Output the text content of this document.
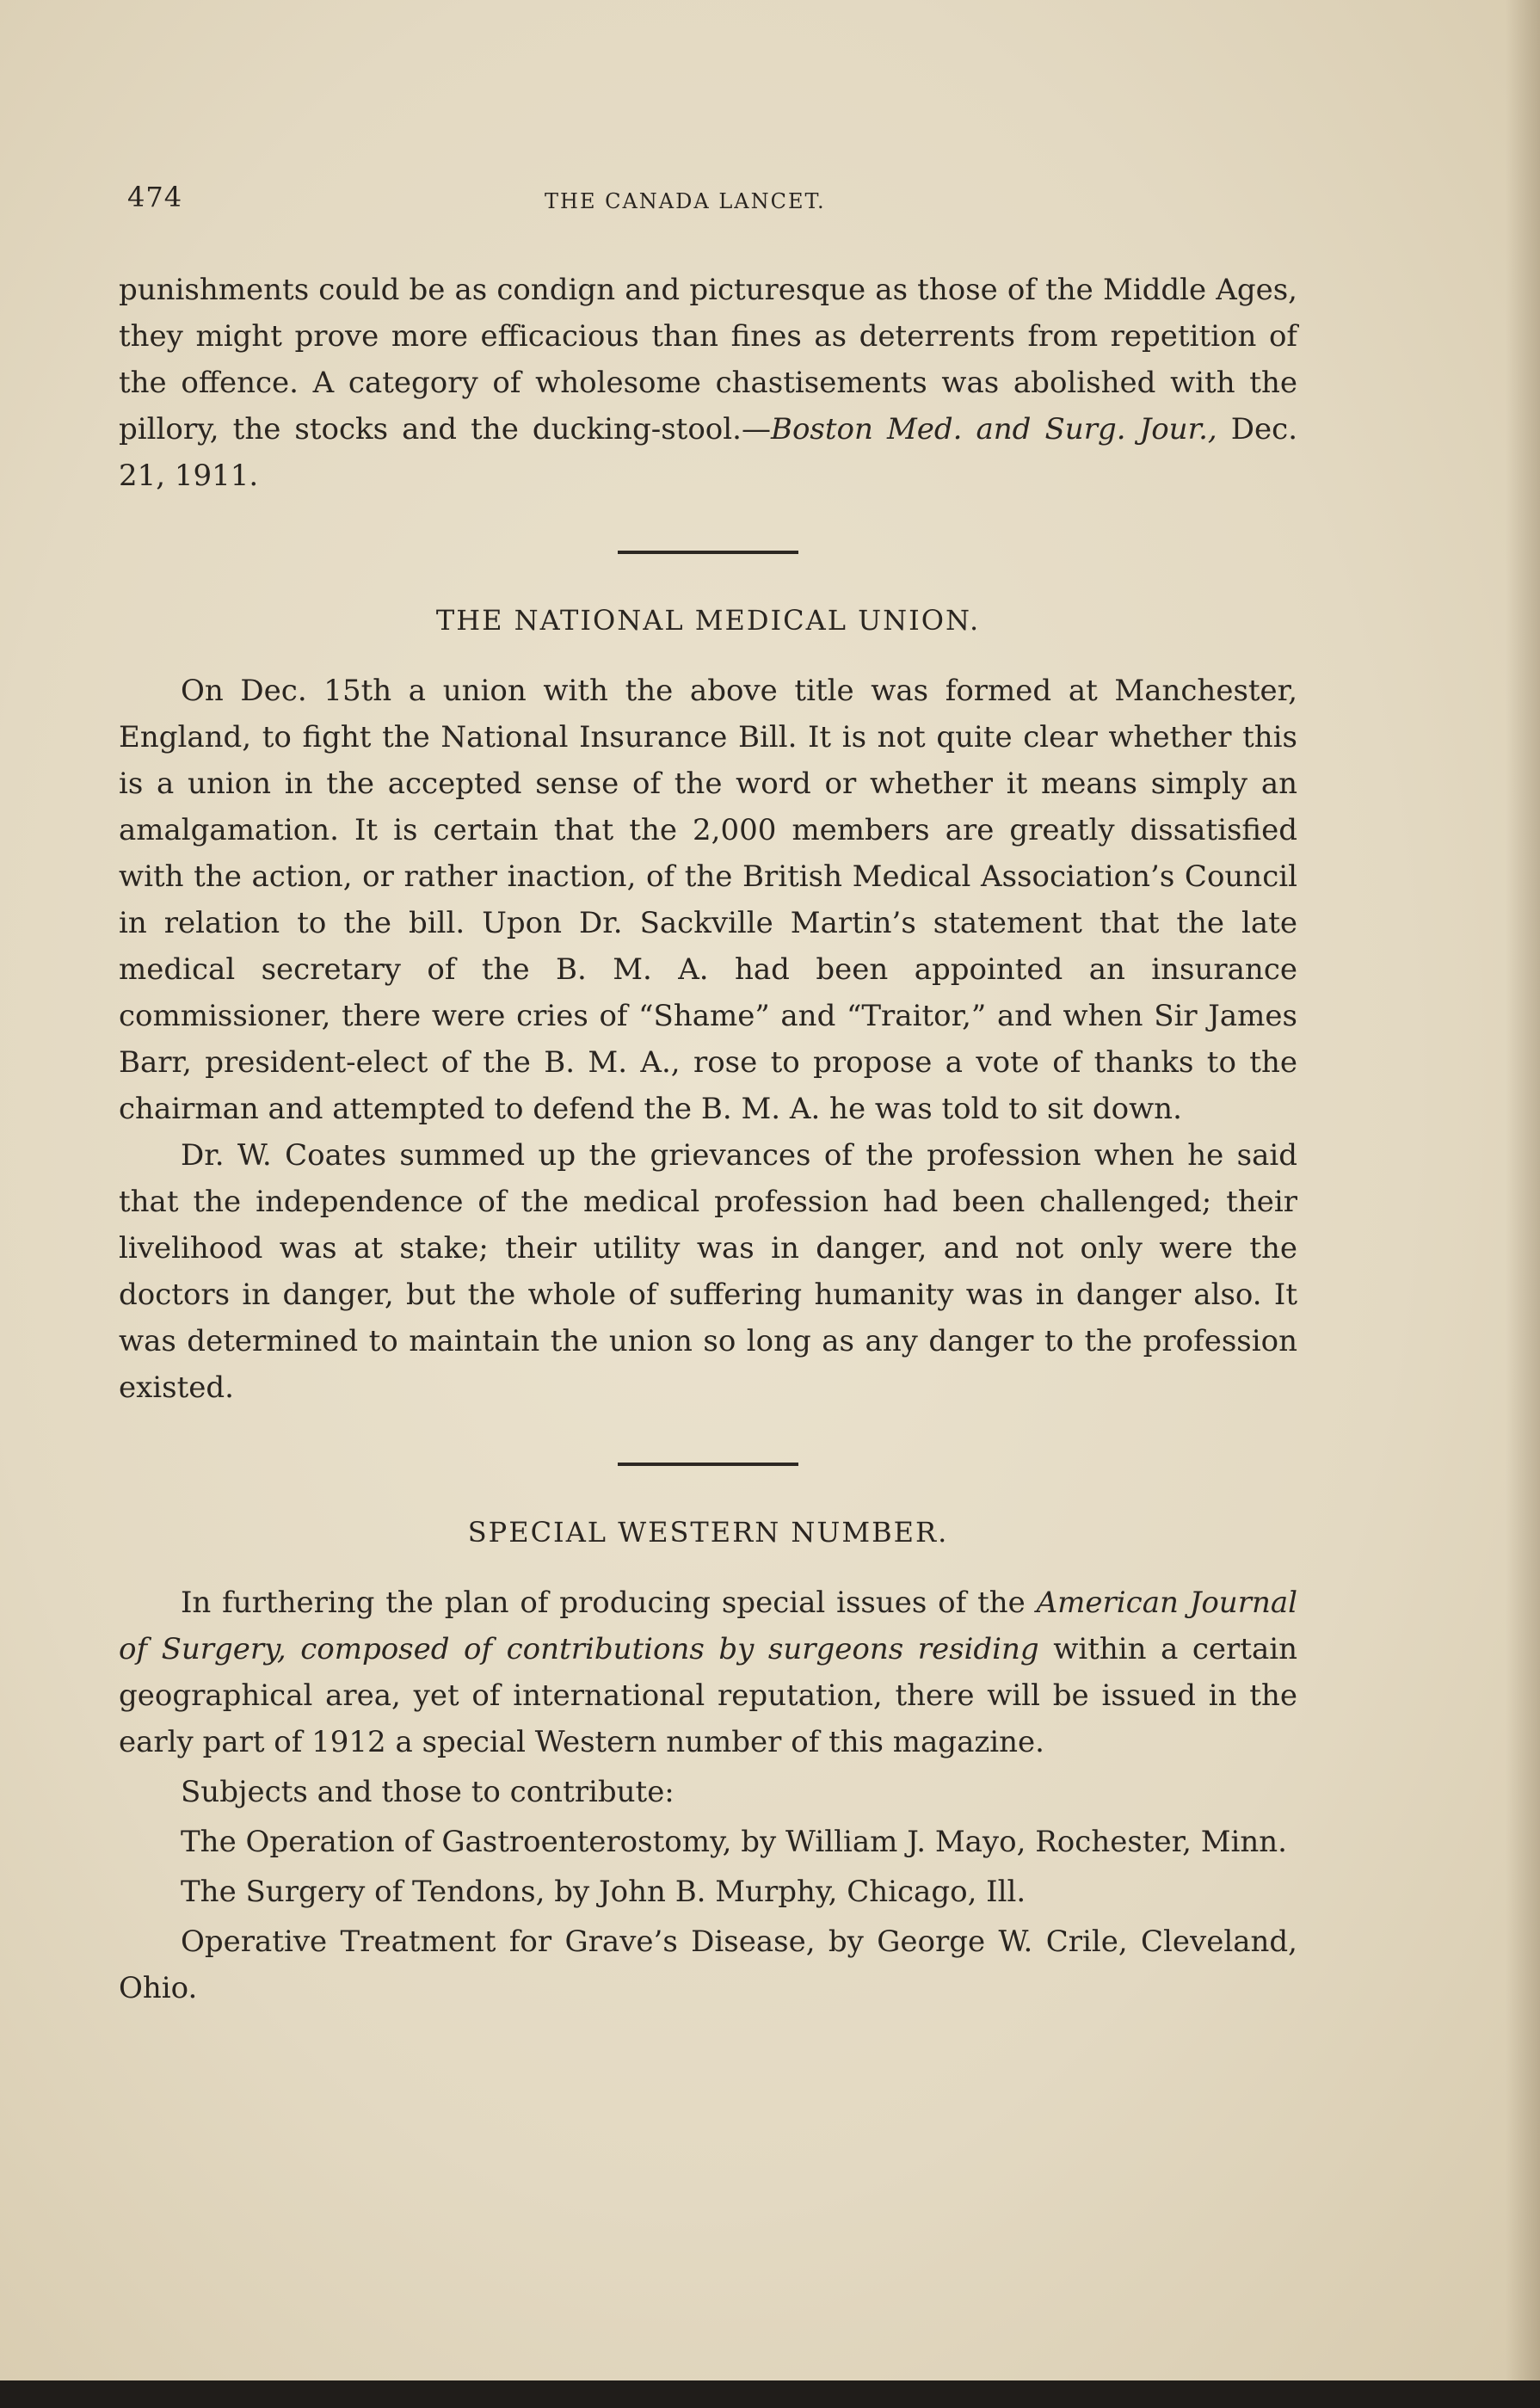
474	THE CANADA LANCET.

punishments could be as condign and picturesque as those of the Middle Ages, they might prove more efficacious than fines as deterrents from repetition of the offence. A category of wholesome chastisements was abolished with the pillory, the stocks and the ducking-stool.—Boston Med. and Surg. Jour., Dec. 21, 1911.

THE NATIONAL MEDICAL UNION.

On Dec. 15th a union with the above title was formed at Manchester, England, to fight the National Insurance Bill. It is not quite clear whether this is a union in the accepted sense of the word or whether it means simply an amalgamation. It is certain that the 2,000 members are greatly dissatisfied with the action, or rather inaction, of the British Medical Association’s Council in relation to the bill. Upon Dr. Sackville Martin’s statement that the late medical secretary of the B. M. A. had been appointed an insurance commissioner, there were cries of “Shame” and “Traitor,” and when Sir James Barr, president-elect of the B. M. A., rose to propose a vote of thanks to the chairman and attempted to defend the B. M. A. he was told to sit down.

Dr. W. Coates summed up the grievances of the profession when he said that the independence of the medical profession had been challenged; their livelihood was at stake; their utility was in danger, and not only were the doctors in danger, but the whole of suffering humanity was in danger also. It was determined to maintain the union so long as any danger to the profession existed.

SPECIAL WESTERN NUMBER.

In furthering the plan of producing special issues of the American Journal of Surgery, composed of contributions by surgeons residing within a certain geographical area, yet of international reputation, there will be issued in the early part of 1912 a special Western number of this magazine.

Subjects and those to contribute:

The Operation of Gastroenterostomy, by William J. Mayo, Rochester, Minn.

The Surgery of Tendons, by John B. Murphy, Chicago, Ill.

Operative Treatment for Grave’s Disease, by George W. Crile, Cleveland, Ohio.
